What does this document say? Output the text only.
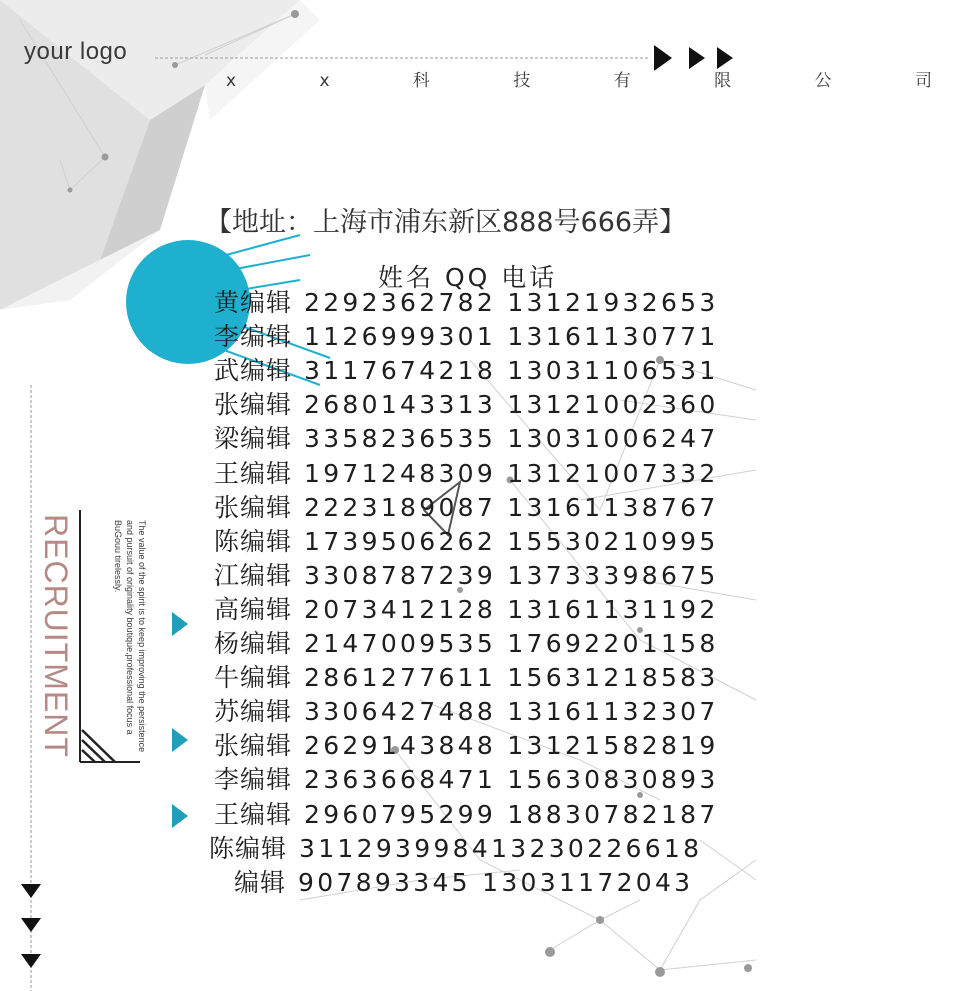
your logo
x x 科 技 有 限 公 司
【地址：上海市浦东新区888号666弄】
姓名 QQ 电话
黄编辑 2292362782 13121932653
李编辑 1126999301 13161130771
武编辑 3117674218 13031106531
张编辑 2680143313 13121002360
梁编辑 3358236535 13031006247
王编辑 1971248309 13121007332
张编辑 2223189087 13161138767
陈编辑 1739506262 15530210995
江编辑 3308787239 13733398675
高编辑 2073412128 13161131192
杨编辑 2147009535 17692201158
牛编辑 2861277611 15631218583
苏编辑 3306427488 13161132307
张编辑 2629143848 13121582819
李编辑 2363668471 15630830893
王编辑 2960795299 18830782187
陈编辑 311293998413230226618
编辑 907893345 13031172043
RECRUITMENT	The value of the spirit is to keep improving the persistence and pursuit of originality boutique,professional focus a BuGouu tirelessly.
